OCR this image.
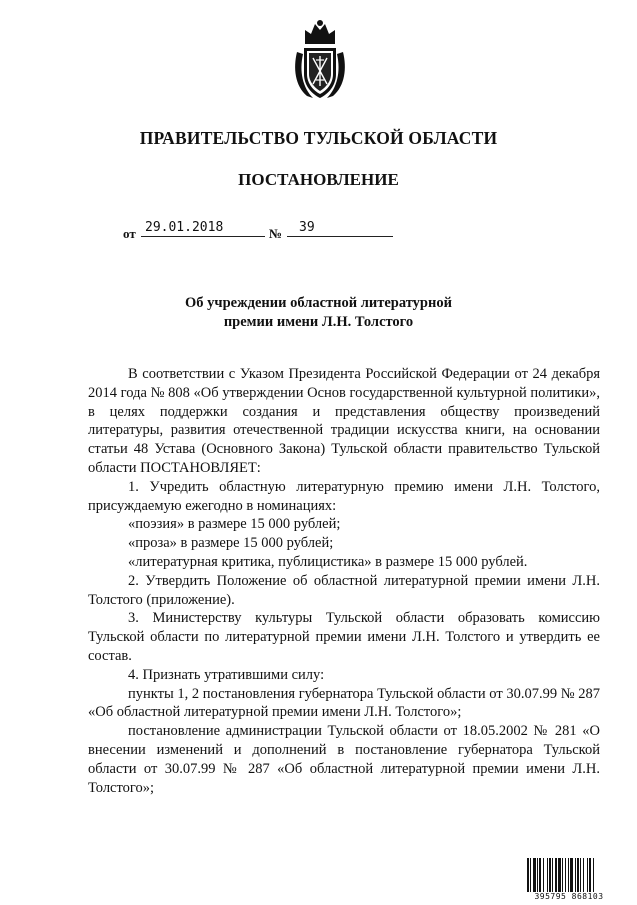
ПРАВИТЕЛЬСТВО ТУЛЬСКОЙ ОБЛАСТИ
ПОСТАНОВЛЕНИЕ
от 29.01.2018	№	39
Об учреждении областной литературной
премии имени Л.Н. Толстого

В соответствии с Указом Президента Российской Федерации от 24 декабря 2014 года № 808 «Об утверждении Основ государственной культурной политики», в целях поддержки создания и представления обществу произведений литературы, развития отечественной традиции искусства книги, на основании статьи 48 Устава (Основного Закона) Тульской области правительство Тульской области ПОСТАНОВЛЯЕТ:

1. Учредить областную литературную премию имени Л.Н. Толстого, присуждаемую ежегодно в номинациях:

«поэзия» в размере 15 000 рублей;

«проза» в размере 15 000 рублей;

«литературная критика, публицистика» в размере 15 000 рублей.

2. Утвердить Положение об областной литературной премии имени Л.Н. Толстого (приложение).

3. Министерству культуры Тульской области образовать комиссию Тульской области по литературной премии имени Л.Н. Толстого и утвердить ее состав.

4. Признать утратившими силу:

пункты 1, 2 постановления губернатора Тульской области от 30.07.99 № 287 «Об областной литературной премии имени Л.Н. Толстого»;

постановление администрации Тульской области от 18.05.2002 № 281 «О внесении изменений и дополнений в постановление губернатора Тульской области от 30.07.99 № 287 «Об областной литературной премии имени Л.Н. Толстого»;

395795 868103
